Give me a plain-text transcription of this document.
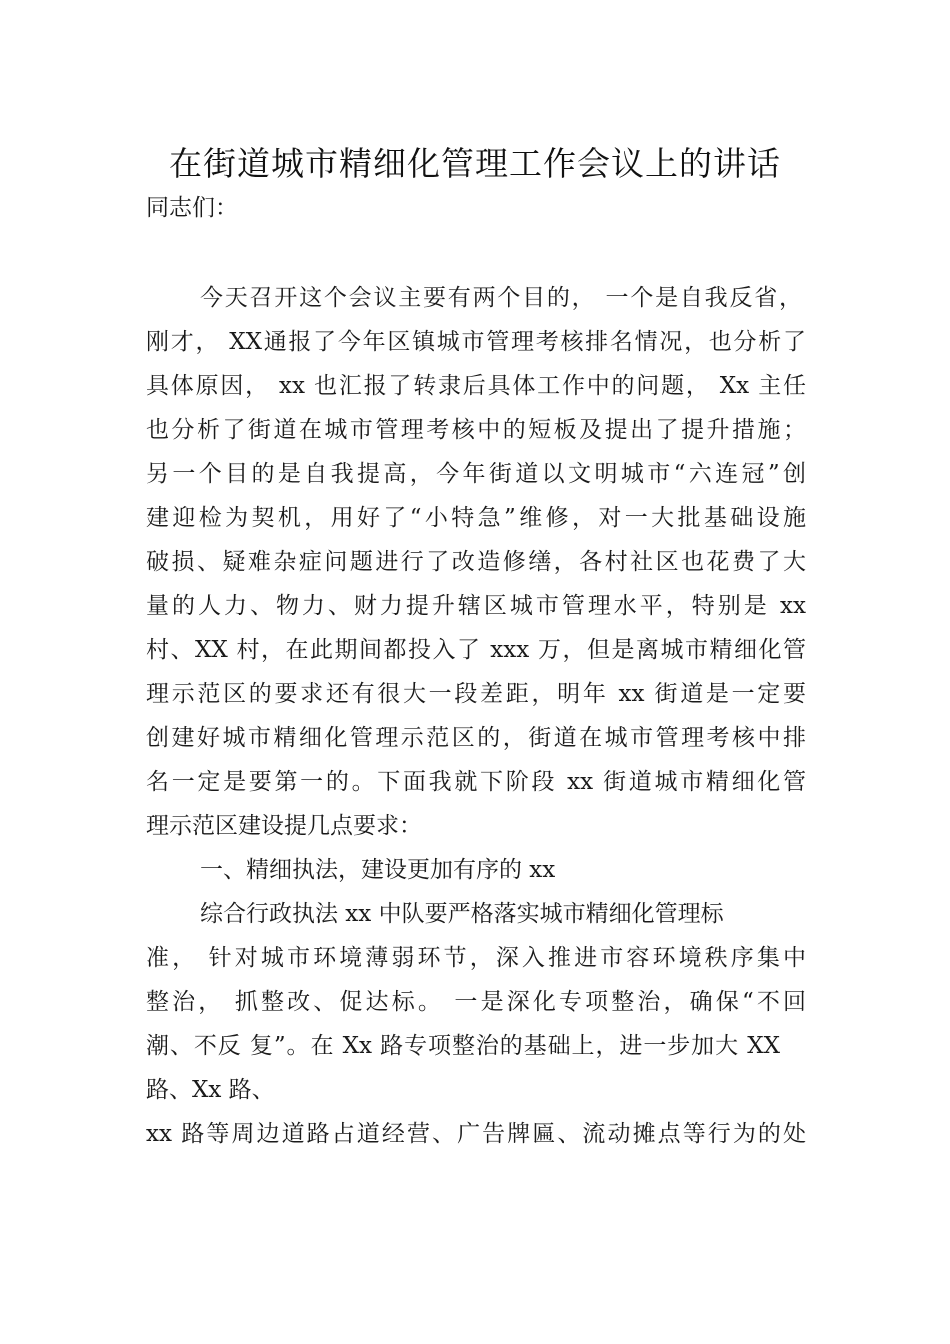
在街道城市精细化管理工作会议上的讲话
同志们：
今天召开这个会议主要有两个目的， 一个是自我反省，
刚才， XX通报了今年区镇城市管理考核排名情况，也分析了
具体原因， xx 也汇报了转隶后具体工作中的问题， Xx 主任
也分析了街道在城市管理考核中的短板及提出了提升措施；
另一个目的是自我提高，今年街道以文明城市“六连冠”创
建迎检为契机，用好了“小特急”维修，对一大批基础设施
破损、疑难杂症问题进行了改造修缮，各村社区也花费了大
量的人力、物力、财力提升辖区城市管理水平，特别是 xx
村、XX 村，在此期间都投入了 xxx 万，但是离城市精细化管
理示范区的要求还有很大一段差距，明年 xx 街道是一定要
创建好城市精细化管理示范区的，街道在城市管理考核中排
名一定是要第一的。下面我就下阶段 xx 街道城市精细化管
理示范区建设提几点要求：
一、精细执法，建设更加有序的 xx
综合行政执法 xx 中队要严格落实城市精细化管理标
准， 针对城市环境薄弱环节，深入推进市容环境秩序集中
整治， 抓整改、促达标。 一是深化专项整治，确保“不回
潮、不反 复”。在 Xx 路专项整治的基础上，进一步加大 XX
路、Xx 路、
xx 路等周边道路占道经营、广告牌匾、流动摊点等行为的处
